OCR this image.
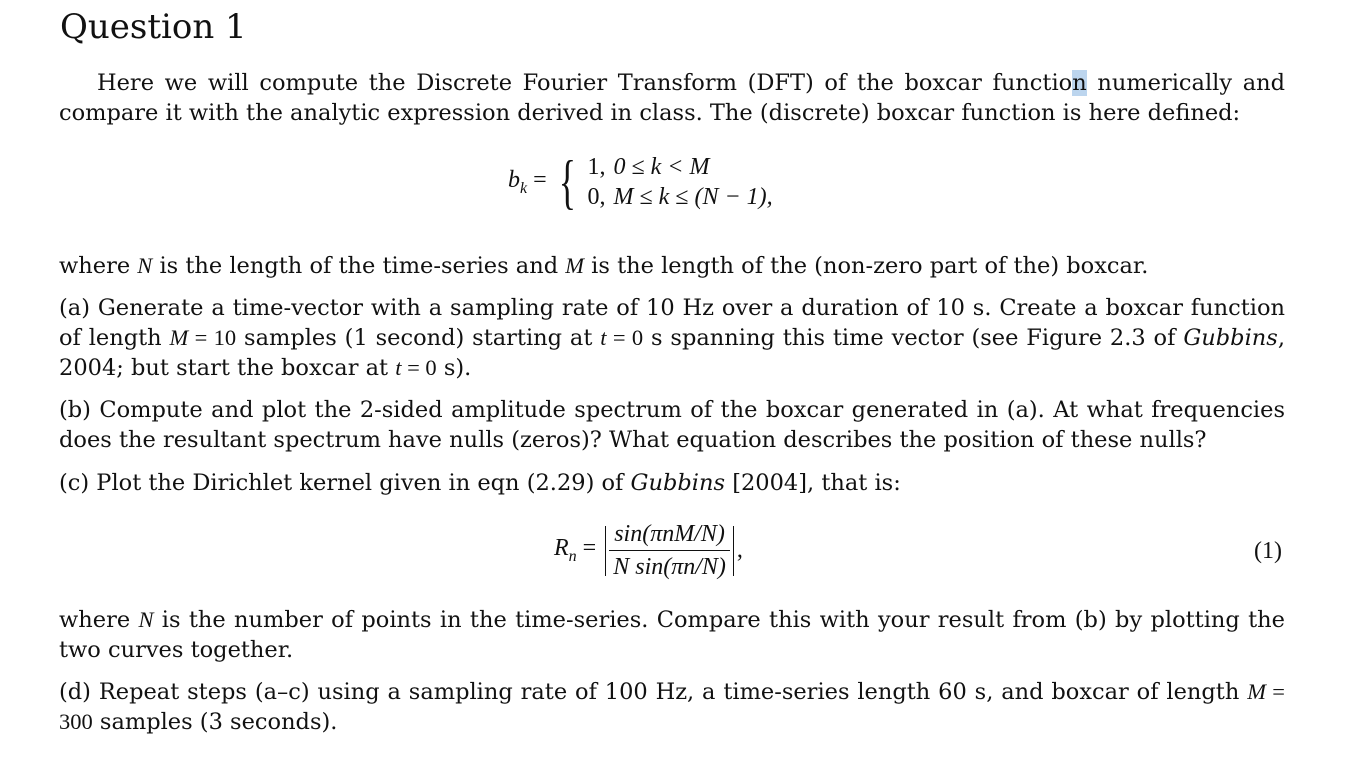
Question 1

Here we will compute the Discrete Fourier Transform (DFT) of the boxcar function numerically and compare it with the analytic expression derived in class. The (discrete) boxcar function is here defined:

$b_k$ = { 1,	0 ≤ k < M
0,	M ≤ k ≤ (N − 1),

where N is the length of the time-series and M is the length of the (non-zero part of the) boxcar.

(a) Generate a time-vector with a sampling rate of 10 Hz over a duration of 10 s. Create a boxcar function of length M = 10 samples (1 second) starting at t = 0 s spanning this time vector (see Figure 2.3 of Gubbins, 2004; but start the boxcar at t = 0 s).

(b) Compute and plot the 2-sided amplitude spectrum of the boxcar generated in (a). At what frequencies does the resultant spectrum have nulls (zeros)? What equation describes the position of these nulls?

(c) Plot the Dirichlet kernel given in eqn (2.29) of Gubbins [2004], that is:

$R_n = \frac{\text{sin(πnM/N)}}{\text{N sin(πn/N)}}$ ,	(1)

where N is the number of points in the time-series. Compare this with your result from (b) by plotting the two curves together.

(d) Repeat steps (a–c) using a sampling rate of 100 Hz, a time-series length 60 s, and boxcar of length M = 300 samples (3 seconds).
